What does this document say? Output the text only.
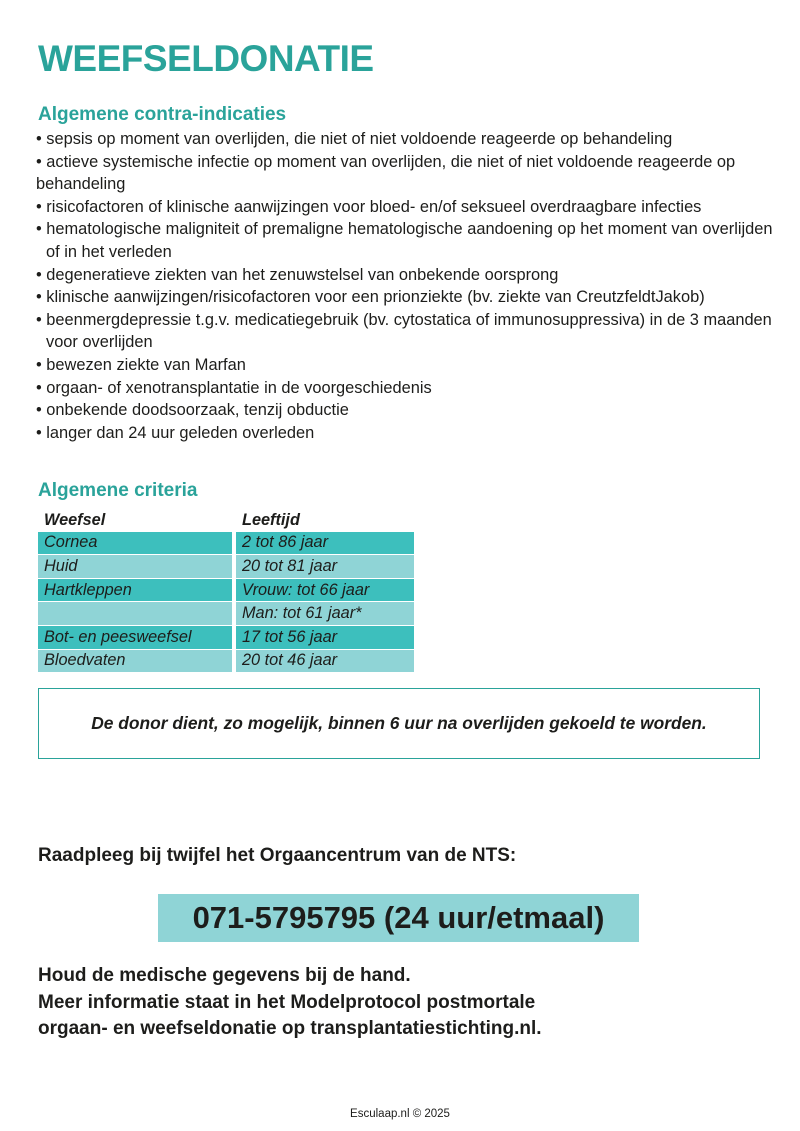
WEEFSELDONATIE
Algemene contra-indicaties
• sepsis op moment van overlijden, die niet of niet voldoende reageerde op behandeling
• actieve systemische infectie op moment van overlijden, die niet of niet voldoende reageerde op behandeling
• risicofactoren of klinische aanwijzingen voor bloed- en/of seksueel overdraagbare infecties
• hematologische maligniteit of premaligne hematologische aandoening op het moment van overlijden of in het verleden
• degeneratieve ziekten van het zenuwstelsel van onbekende oorsprong
• klinische aanwijzingen/risicofactoren voor een prionziekte (bv. ziekte van CreutzfeldtJakob)
• beenmergdepressie t.g.v. medicatiegebruik (bv. cytostatica of immunosuppressiva) in de 3 maanden voor overlijden
• bewezen ziekte van Marfan
• orgaan- of xenotransplantatie in de voorgeschiedenis
• onbekende doodsoorzaak, tenzij obductie
• langer dan 24 uur geleden overleden
Algemene criteria
Weefsel	Leeftijd
Cornea	2 tot 86 jaar
Huid	20 tot 81 jaar
Hartkleppen	Vrouw: tot 66 jaar
	Man: tot 61 jaar*
Bot- en peesweefsel	17 tot 56 jaar
Bloedvaten	20 tot 46 jaar
De donor dient, zo mogelijk, binnen 6 uur na overlijden gekoeld te worden.

Raadpleeg bij twijfel het Orgaancentrum van de NTS:

071-5795795 (24 uur/etmaal)
Houd de medische gegevens bij de hand.
Meer informatie staat in het Modelprotocol postmortale
orgaan- en weefseldonatie op transplantatiestichting.nl.
Esculaap.nl © 2025
